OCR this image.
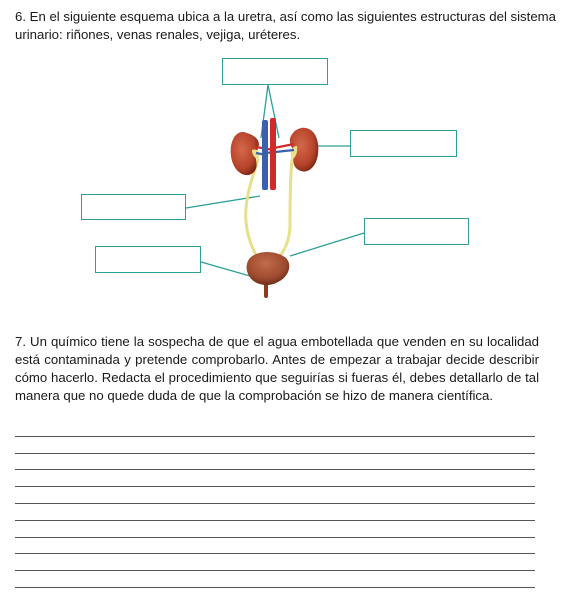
6. En el siguiente esquema ubica a la uretra, así como las siguientes estructuras del sistema urinario: riñones, venas renales, vejiga, uréteres.

7. Un químico tiene la sospecha de que el agua embotellada que venden en su localidad está contaminada y pretende comprobarlo. Antes de empezar a trabajar decide describir cómo hacerlo. Redacta el procedimiento que seguirías si fueras él, debes detallarlo de tal manera que no quede duda de que la comprobación se hizo de manera científica.
